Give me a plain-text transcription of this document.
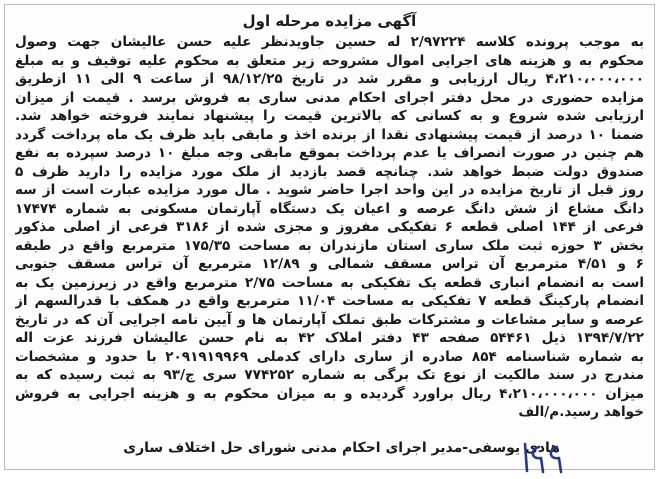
آگهی مزایده مرحله اول
به موجب پرونده کلاسه ۲/۹۷۲۲۴ له حسین جاویدنظر علیه حسن عالیشان جهت وصول
محکوم به و هزینه های اجرایی اموال مشروحه زیر متعلق به محکوم علیه توقیف و به مبلغ
۴،۲۱۰،۰۰۰،۰۰۰ ریال ارزیابی و مقرر شد در تاریخ ۹۸/۱۲/۲۵ از ساعت ۹ الی ۱۱ ازطریق
مزایده حضوری در محل دفتر اجرای احکام مدنی ساری به فروش برسد . قیمت از میزان
ارزیابی شده شروع و به کسانی که بالاترین قیمت را پیشنهاد نمایند فروخته خواهد شد.
ضمنا ۱۰ درصد از قیمت پیشنهادی نقدا از برنده اخذ و مابقی باید ظرف یک ماه پرداخت گردد
هم چنین در صورت انصراف یا عدم پرداخت بموقع مابقی وجه مبلغ ۱۰ درصد سپرده به نفع
صندوق دولت ضبط خواهد شد. چنانچه قصد بازدید از ملک مورد مزایده را دارید ظرف ۵
روز قبل از تاریخ مزایده در این واحد اجرا حاضر شوید . مال مورد مزایده عبارت است از سه
دانگ مشاع از شش دانگ عرصه و اعیان یک دستگاه آپارتمان مسکونی به شماره ۱۷۴۷۴
فرعی از ۱۴۴ اصلی قطعه ۶ تفکیکی مفروز و مجزی شده از ۳۱۸۶ فرعی از اصلی مذکور
بخش ۳ حوزه ثبت ملک ساری استان مازندران به مساحت ۱۷۵/۳۵ مترمربع واقع در طبقه
۶ و ۴/۵۱ مترمربع آن تراس مسقف شمالی و ۱۲/۸۹ مترمربع آن تراس مسقف جنوبی
است به انضمام انباری قطعه یک تفکیکی به مساحت ۲/۷۵ مترمربع واقع در زیرزمین یک به
انضمام پارکینگ قطعه ۷ تفکیکی به مساحت ۱۱/۰۴ مترمربع واقع در همکف با قدرالسهم از
عرصه و سایر مشاعات و مشترکات طبق تملک آپارتمان ها و آیین نامه اجرایی آن که در تاریخ
۱۳۹۴/۷/۲۲ ذیل ۵۴۴۶۱ صفحه ۴۳ دفتر املاک ۴۲ به نام حسن عالیشان فرزند عزت اله
به شماره شناسنامه ۸۵۴ صادره از ساری دارای کدملی ۲۰۹۱۹۱۹۹۶۹ با حدود و مشخصات
مندرج در سند مالکیت از نوع تک برگی به شماره ۷۷۴۲۵۲ سری ج/۹۳ به ثبت رسیده که به
میزان ۴،۲۱۰،۰۰۰،۰۰۰ ریال براورد گردیده و به میزان محکوم به و هزینه اجرایی به فروش
خواهد رسید.م/الف
هادی یوسفی-مدیر اجرای احکام مدنی شورای حل اختلاف ساری
